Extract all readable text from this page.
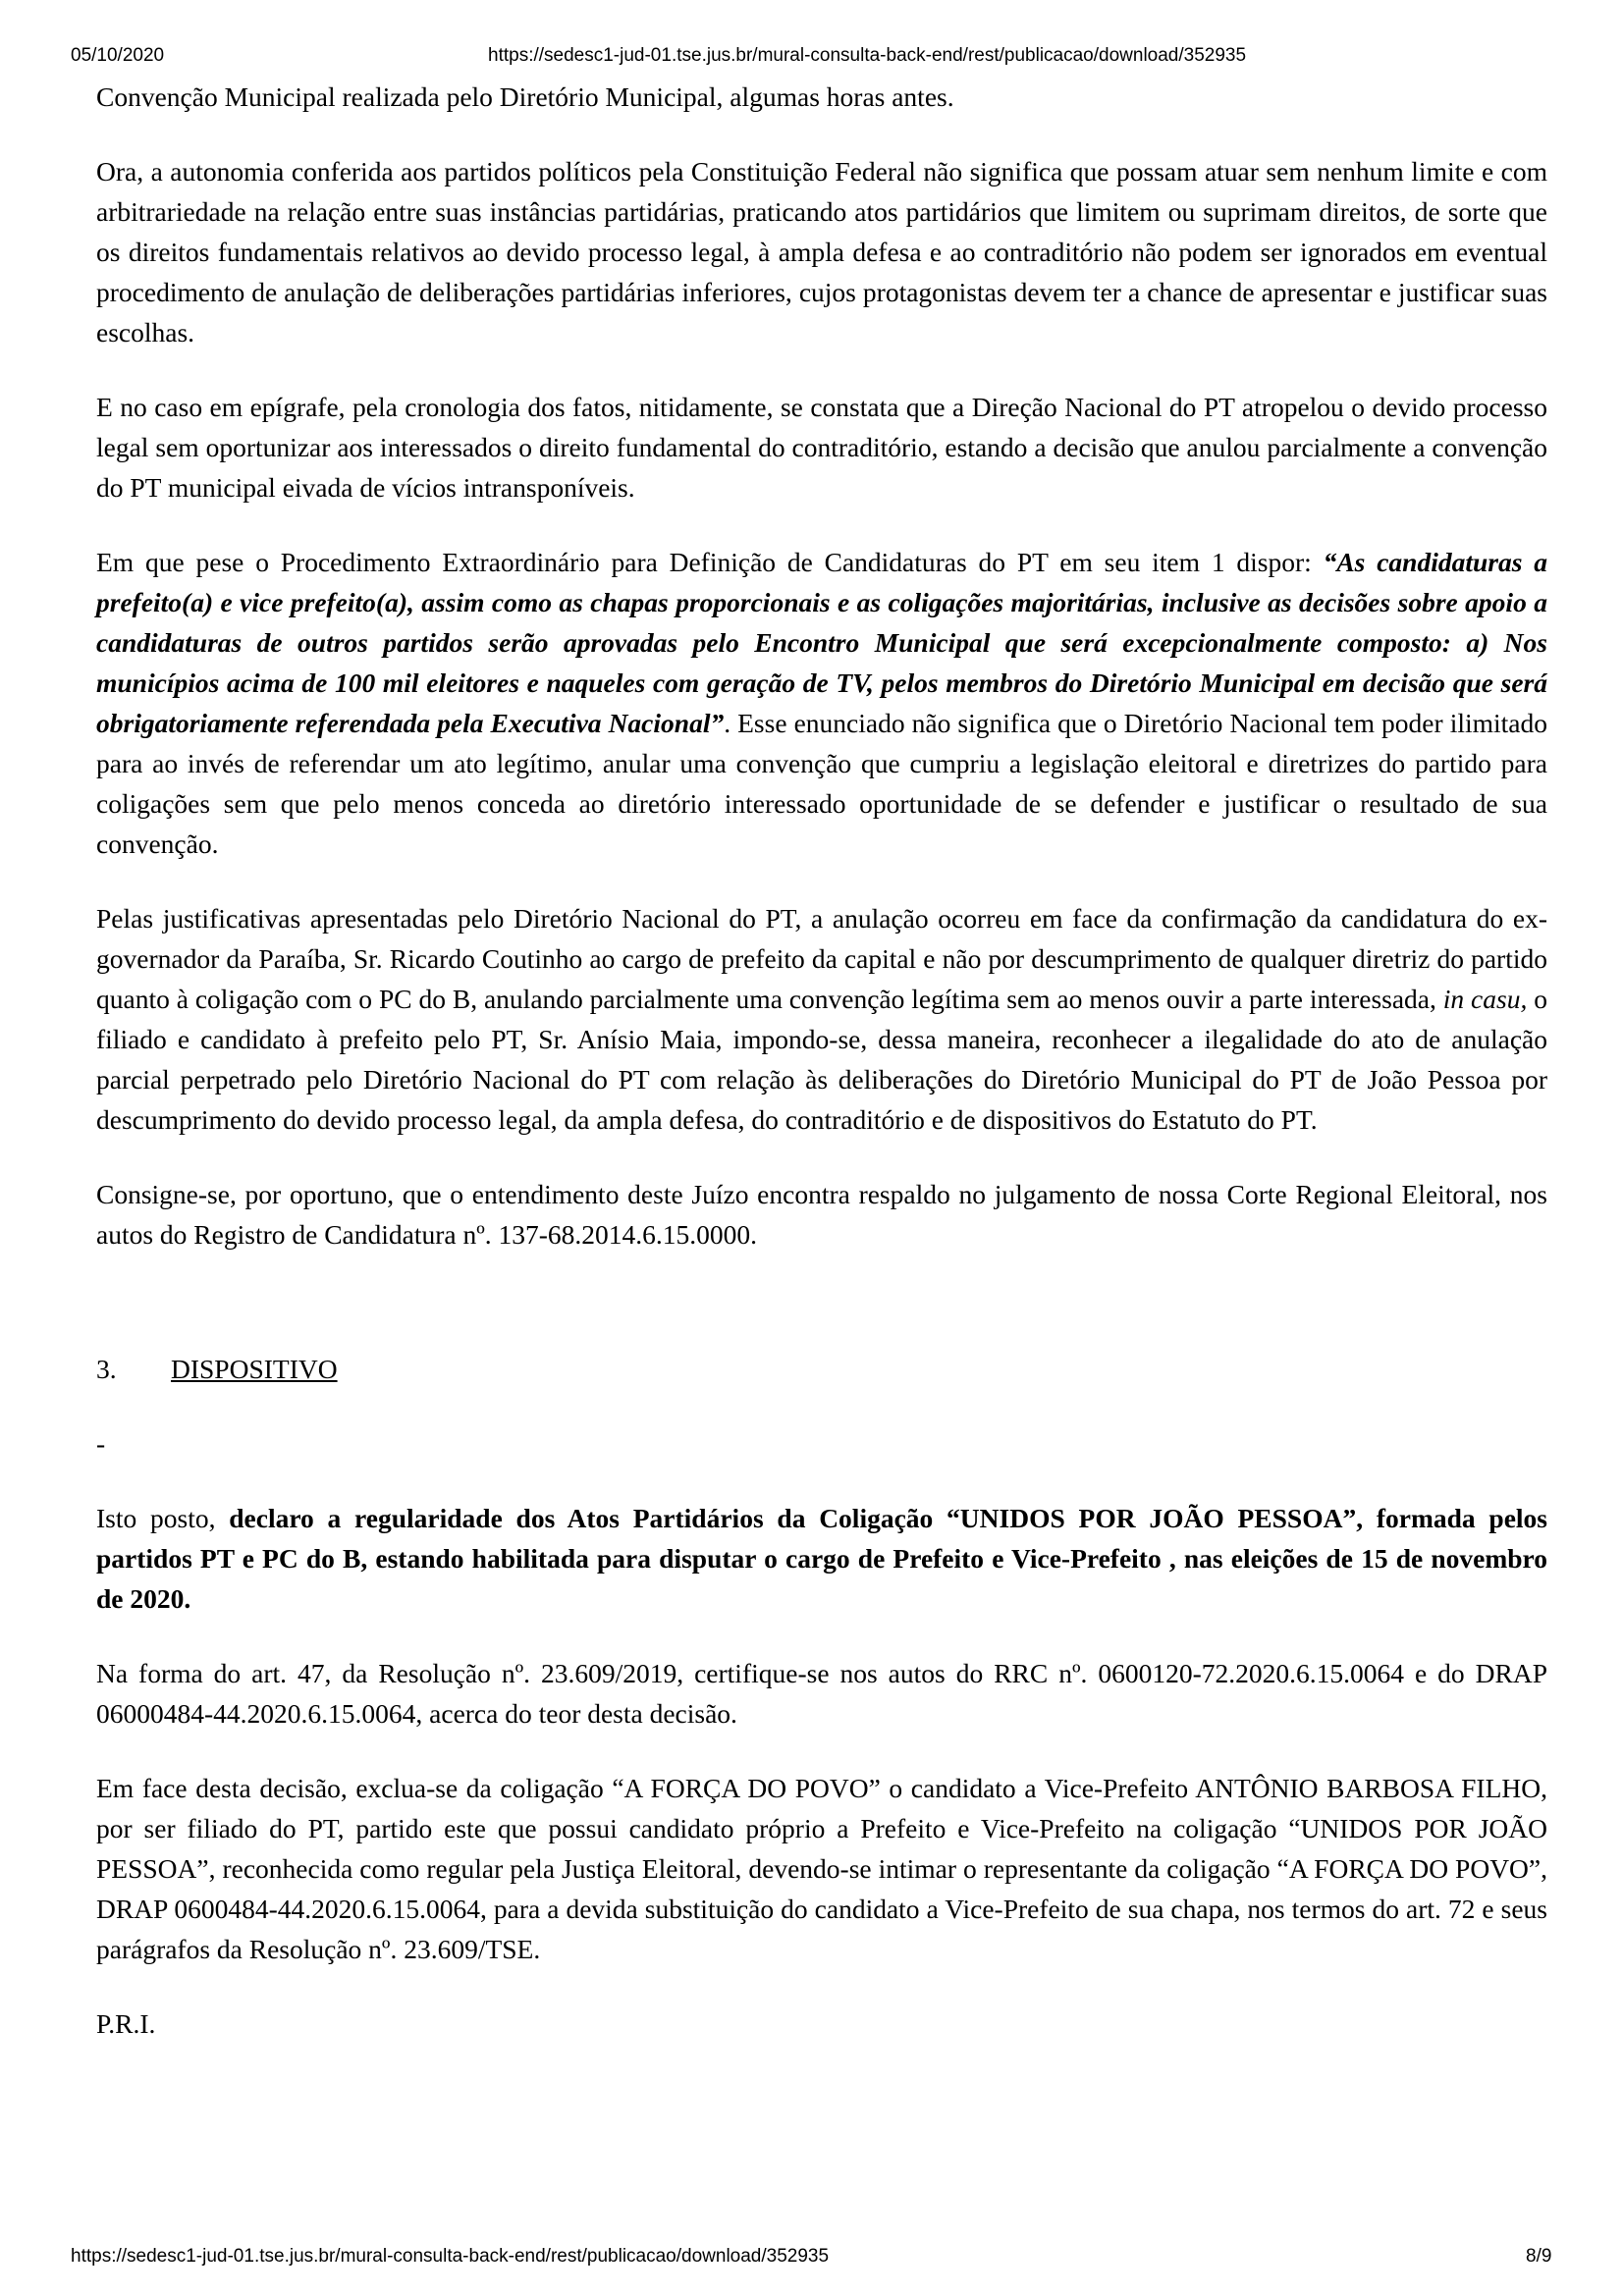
05/10/2020	https://sedesc1-jud-01.tse.jus.br/mural-consulta-back-end/rest/publicacao/download/352935

Convenção Municipal realizada pelo Diretório Municipal, algumas horas antes.

Ora, a autonomia conferida aos partidos políticos pela Constituição Federal não significa que possam atuar sem nenhum limite e com arbitrariedade na relação entre suas instâncias partidárias, praticando atos partidários que limitem ou suprimam direitos, de sorte que os direitos fundamentais relativos ao devido processo legal, à ampla defesa e ao contraditório não podem ser ignorados em eventual procedimento de anulação de deliberações partidárias inferiores, cujos protagonistas devem ter a chance de apresentar e justificar suas escolhas.

E no caso em epígrafe, pela cronologia dos fatos, nitidamente, se constata que a Direção Nacional do PT atropelou o devido processo legal sem oportunizar aos interessados o direito fundamental do contraditório, estando a decisão que anulou parcialmente a convenção do PT municipal eivada de vícios intransponíveis.

Em que pese o Procedimento Extraordinário para Definição de Candidaturas do PT em seu item 1 dispor: “As candidaturas a prefeito(a) e vice prefeito(a), assim como as chapas proporcionais e as coligações majoritárias, inclusive as decisões sobre apoio a candidaturas de outros partidos serão aprovadas pelo Encontro Municipal que será excepcionalmente composto: a) Nos municípios acima de 100 mil eleitores e naqueles com geração de TV, pelos membros do Diretório Municipal em decisão que será obrigatoriamente referendada pela Executiva Nacional”. Esse enunciado não significa que o Diretório Nacional tem poder ilimitado para ao invés de referendar um ato legítimo, anular uma convenção que cumpriu a legislação eleitoral e diretrizes do partido para coligações sem que pelo menos conceda ao diretório interessado oportunidade de se defender e justificar o resultado de sua convenção.

Pelas justificativas apresentadas pelo Diretório Nacional do PT, a anulação ocorreu em face da confirmação da candidatura do ex-governador da Paraíba, Sr. Ricardo Coutinho ao cargo de prefeito da capital e não por descumprimento de qualquer diretriz do partido quanto à coligação com o PC do B, anulando parcialmente uma convenção legítima sem ao menos ouvir a parte interessada, in casu, o filiado e candidato à prefeito pelo PT, Sr. Anísio Maia, impondo-se, dessa maneira, reconhecer a ilegalidade do ato de anulação parcial perpetrado pelo Diretório Nacional do PT com relação às deliberações do Diretório Municipal do PT de João Pessoa por descumprimento do devido processo legal, da ampla defesa, do contraditório e de dispositivos do Estatuto do PT.

Consigne-se, por oportuno, que o entendimento deste Juízo encontra respaldo no julgamento de nossa Corte Regional Eleitoral, nos autos do Registro de Candidatura nº. 137-68.2014.6.15.0000.

3. DISPOSITIVO

-

Isto posto, declaro a regularidade dos Atos Partidários da Coligação “UNIDOS POR JOÃO PESSOA”, formada pelos partidos PT e PC do B, estando habilitada para disputar o cargo de Prefeito e Vice-Prefeito , nas eleições de 15 de novembro de 2020.

Na forma do art. 47, da Resolução nº. 23.609/2019, certifique-se nos autos do RRC nº. 0600120-72.2020.6.15.0064 e do DRAP 06000484-44.2020.6.15.0064, acerca do teor desta decisão.

Em face desta decisão, exclua-se da coligação “A FORÇA DO POVO” o candidato a Vice-Prefeito ANTÔNIO BARBOSA FILHO, por ser filiado do PT, partido este que possui candidato próprio a Prefeito e Vice-Prefeito na coligação “UNIDOS POR JOÃO PESSOA”, reconhecida como regular pela Justiça Eleitoral, devendo-se intimar o representante da coligação “A FORÇA DO POVO”, DRAP 0600484-44.2020.6.15.0064, para a devida substituição do candidato a Vice-Prefeito de sua chapa, nos termos do art. 72 e seus parágrafos da Resolução nº. 23.609/TSE.

P.R.I.

https://sedesc1-jud-01.tse.jus.br/mural-consulta-back-end/rest/publicacao/download/352935	8/9
